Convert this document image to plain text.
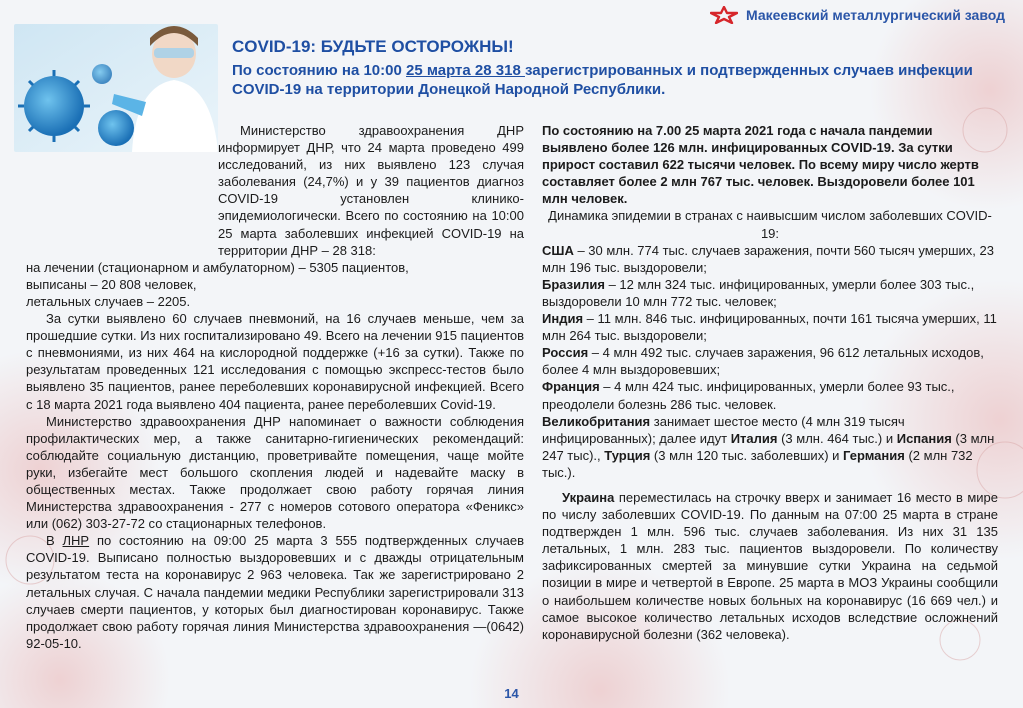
Макеевский металлургический завод
COVID-19: БУДЬТЕ ОСТОРОЖНЫ!

По состоянию на 10:00 25 марта 28 318 зарегистрированных и подтвержденных случаев инфекции COVID-19 на территории Донецкой Народной Республики.

Министерство здравоохранения ДНР информирует ДНР, что 24 марта проведено 499 исследований, из них выявлено 123 случая заболевания (24,7%) и у 39 пациентов диагноз COVID-19 установлен клинико-эпидемиологически. Всего по состоянию на 10:00 25 марта заболевших инфекцией COVID-19 на территории ДНР – 28 318:

на лечении (стационарном и амбулаторном) – 5305 пациентов,

выписаны – 20 808 человек,

летальных случаев – 2205.

За сутки выявлено 60 случаев пневмоний, на 16 случаев меньше, чем за прошедшие сутки. Из них госпитализировано 49. Всего на лечении 915 пациентов с пневмониями, из них 464 на кислородной поддержке (+16 за сутки). Также по результатам проведенных 121 исследования с помощью экспресс-тестов было выявлено 35 пациентов, ранее переболевших коронавирусной инфекцией. Всего с 18 марта 2021 года выявлено 404 пациента, ранее переболевших Covid-19.

Министерство здравоохранения ДНР напоминает о важности соблюдения профилактических мер, а также санитарно-гигиенических рекомендаций: соблюдайте социальную дистанцию, проветривайте помещения, чаще мойте руки, избегайте мест большого скопления людей и надевайте маску в общественных местах. Также продолжает свою работу горячая линия Министерства здравоохранения - 277 с номеров сотового оператора «Феникс» или (062) 303-27-72 со стационарных телефонов.

В ЛНР по состоянию на 09:00 25 марта 3 555 подтвержденных случаев COVID-19. Выписано полностью выздоровевших и с дважды отрицательным результатом теста на коронавирус 2 963 человека. Так же зарегистрировано 2 летальных случая. С начала пандемии медики Республики зарегистрировали 313 случаев смерти пациентов, у которых был диагностирован коронавирус. Также продолжает свою работу горячая линия Министерства здравоохранения —(0642) 92-05-10.

По состоянию на 7.00 25 марта 2021 года с начала пандемии выявлено более 126 млн. инфицированных COVID-19. За сутки прирост составил 622 тысячи человек. По всему миру число жертв составляет более 2 млн 767 тыс. человек. Выздоровели более 101 млн человек.

Динамика эпидемии в странах с наивысшим числом заболевших COVID-19:

США – 30 млн. 774 тыс. случаев заражения, почти 560 тысяч умерших, 23 млн 196 тыс. выздоровели;

Бразилия – 12 млн 324 тыс. инфицированных, умерли более 303 тыс., выздоровели 10 млн 772 тыс. человек;

Индия – 11 млн. 846 тыс. инфицированных, почти 161 тысяча умерших, 11 млн 264 тыс. выздоровели;

Россия – 4 млн 492 тыс. случаев заражения, 96 612 летальных исходов, более 4 млн выздоровевших;

Франция – 4 млн 424 тыс. инфицированных, умерли более 93 тыс., преодолели болезнь 286 тыс. человек.

Великобритания занимает шестое место (4 млн 319 тысяч инфицированных); далее идут Италия (3 млн. 464 тыс.) и Испания (3 млн 247 тыс)., Турция (3 млн 120 тыс. заболевших) и Германия (2 млн 732 тыс.).

Украина переместилась на строчку вверх и занимает 16 место в мире по числу заболевших COVID-19. По данным на 07:00 25 марта в стране подтвержден 1 млн. 596 тыс. случаев заболевания. Из них 31 135 летальных, 1 млн. 283 тыс. пациентов выздоровели. По количеству зафиксированных смертей за минувшие сутки Украина на седьмой позиции в мире и четвертой в Европе. 25 марта в МОЗ Украины сообщили о наибольшем количестве новых больных на коронавирус (16 669 чел.) и самое высокое количество летальных исходов вследствие осложнений коронавирусной болезни (362 человека).

14
